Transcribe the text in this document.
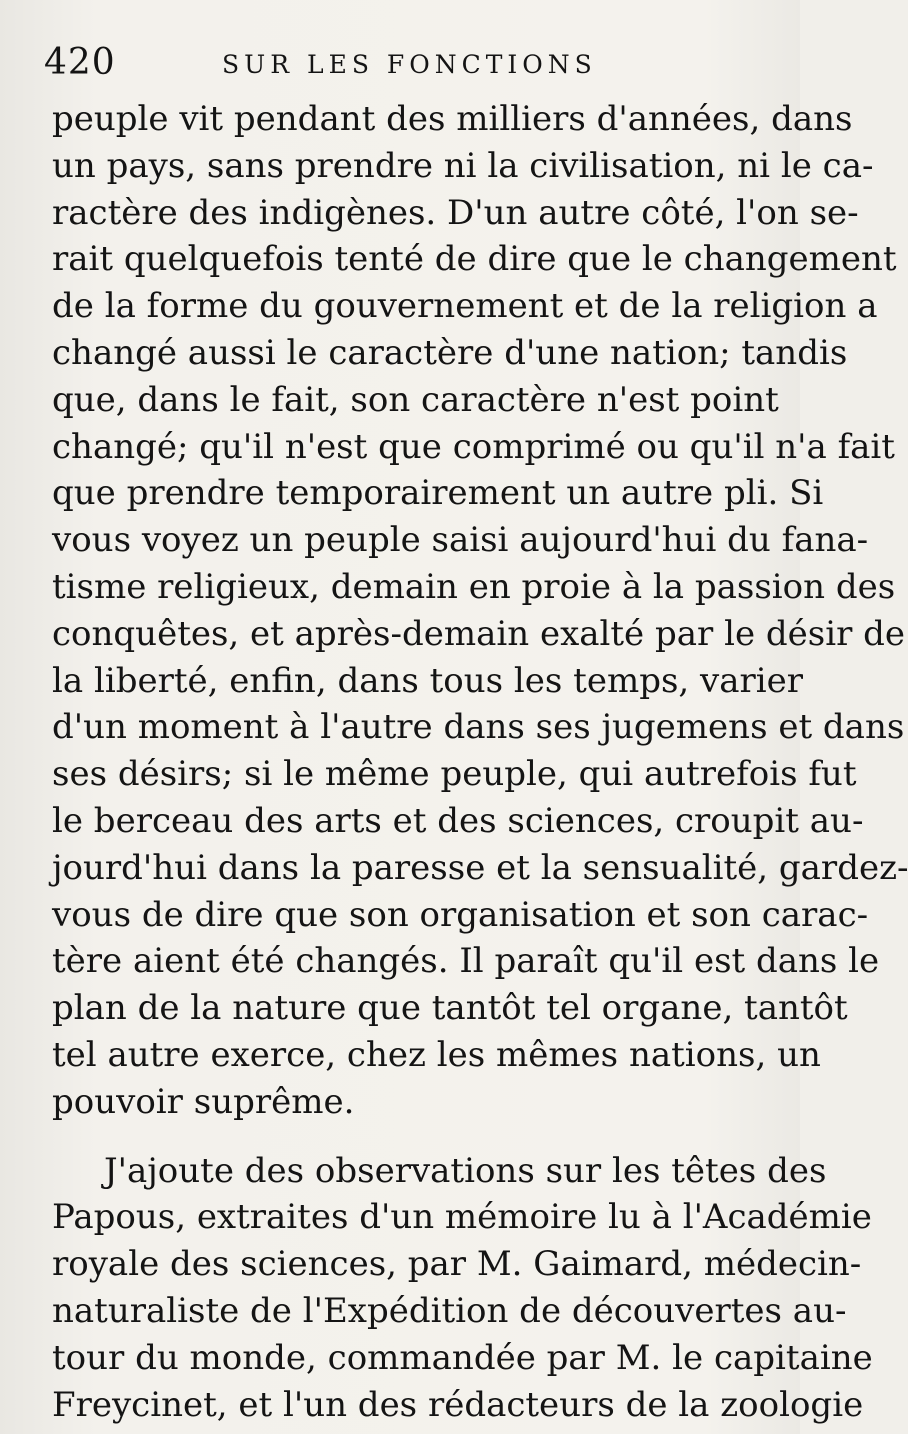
420	SUR LES FONCTIONS
peuple vit pendant des milliers d'années, dans
un pays, sans prendre ni la civilisation, ni le ca-
ractère des indigènes. D'un autre côté, l'on se-
rait quelquefois tenté de dire que le changement
de la forme du gouvernement et de la religion a
changé aussi le caractère d'une nation; tandis
que, dans le fait, son caractère n'est point
changé; qu'il n'est que comprimé ou qu'il n'a fait
que prendre temporairement un autre pli. Si
vous voyez un peuple saisi aujourd'hui du fana-
tisme religieux, demain en proie à la passion des
conquêtes, et après-demain exalté par le désir de
la liberté, enfin, dans tous les temps, varier
d'un moment à l'autre dans ses jugemens et dans
ses désirs; si le même peuple, qui autrefois fut
le berceau des arts et des sciences, croupit au-
jourd'hui dans la paresse et la sensualité, gardez-
vous de dire que son organisation et son carac-
tère aient été changés. Il paraît qu'il est dans le
plan de la nature que tantôt tel organe, tantôt
tel autre exerce, chez les mêmes nations, un
pouvoir suprême.
J'ajoute des observations sur les têtes des
Papous, extraites d'un mémoire lu à l'Académie
royale des sciences, par M. Gaimard, médecin-
naturaliste de l'Expédition de découvertes au-
tour du monde, commandée par M. le capitaine
Freycinet, et l'un des rédacteurs de la zoologie
